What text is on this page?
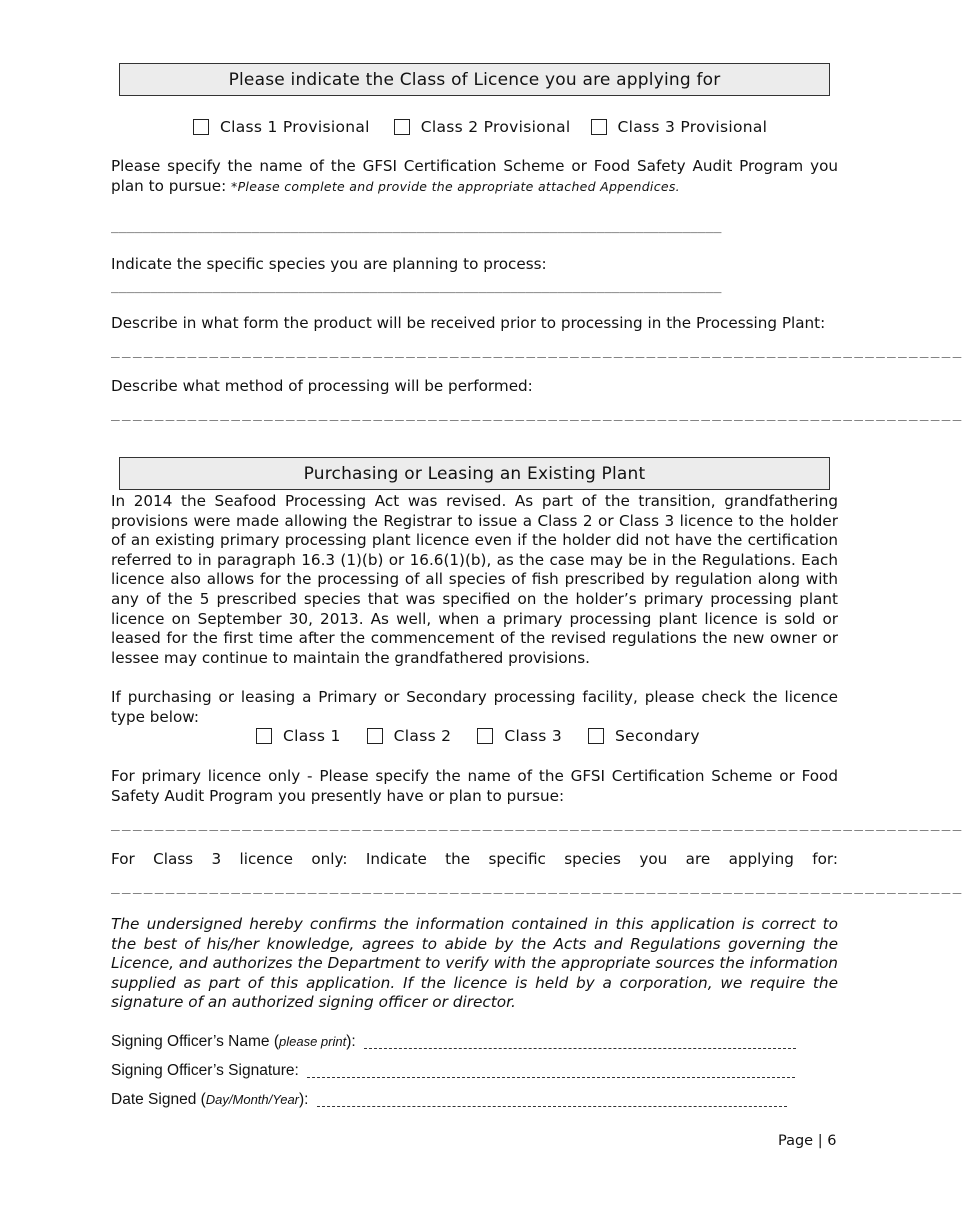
Please indicate the Class of Licence you are applying for
Class 1 Provisional	Class 2 Provisional	Class 3 Provisional
Please specify the name of the GFSI Certification Scheme or Food Safety Audit Program you plan to pursue: *Please complete and provide the appropriate attached Appendices.
______________________________________________________________________________
Indicate the specific species you are planning to process:
______________________________________________________________________________
Describe in what form the product will be received prior to processing in the Processing Plant:
______________________________________________________________________________
Describe what method of processing will be performed:
______________________________________________________________________________
Purchasing or Leasing an Existing Plant
In 2014 the Seafood Processing Act was revised. As part of the transition, grandfathering provisions were made allowing the Registrar to issue a Class 2 or Class 3 licence to the holder of an existing primary processing plant licence even if the holder did not have the certification referred to in paragraph 16.3 (1)(b) or 16.6(1)(b), as the case may be in the Regulations. Each licence also allows for the processing of all species of fish prescribed by regulation along with any of the 5 prescribed species that was specified on the holder’s primary processing plant licence on September 30, 2013. As well, when a primary processing plant licence is sold or leased for the first time after the commencement of the revised regulations the new owner or lessee may continue to maintain the grandfathered provisions.
If purchasing or leasing a Primary or Secondary processing facility, please check the licence type below:
Class 1	Class 2	Class 3	Secondary
For primary licence only - Please specify the name of the GFSI Certification Scheme or Food Safety Audit Program you presently have or plan to pursue:
______________________________________________________________________________
For Class 3 licence only: Indicate the specific species you are applying for:
______________________________________________________________________________
The undersigned hereby confirms the information contained in this application is correct to the best of his/her knowledge, agrees to abide by the Acts and Regulations governing the Licence, and authorizes the Department to verify with the appropriate sources the information supplied as part of this application. If the licence is held by a corporation, we require the signature of an authorized signing officer or director.
Signing Officer’s Name (please print):
Signing Officer’s Signature:
Date Signed (Day/Month/Year):
Page | 6
